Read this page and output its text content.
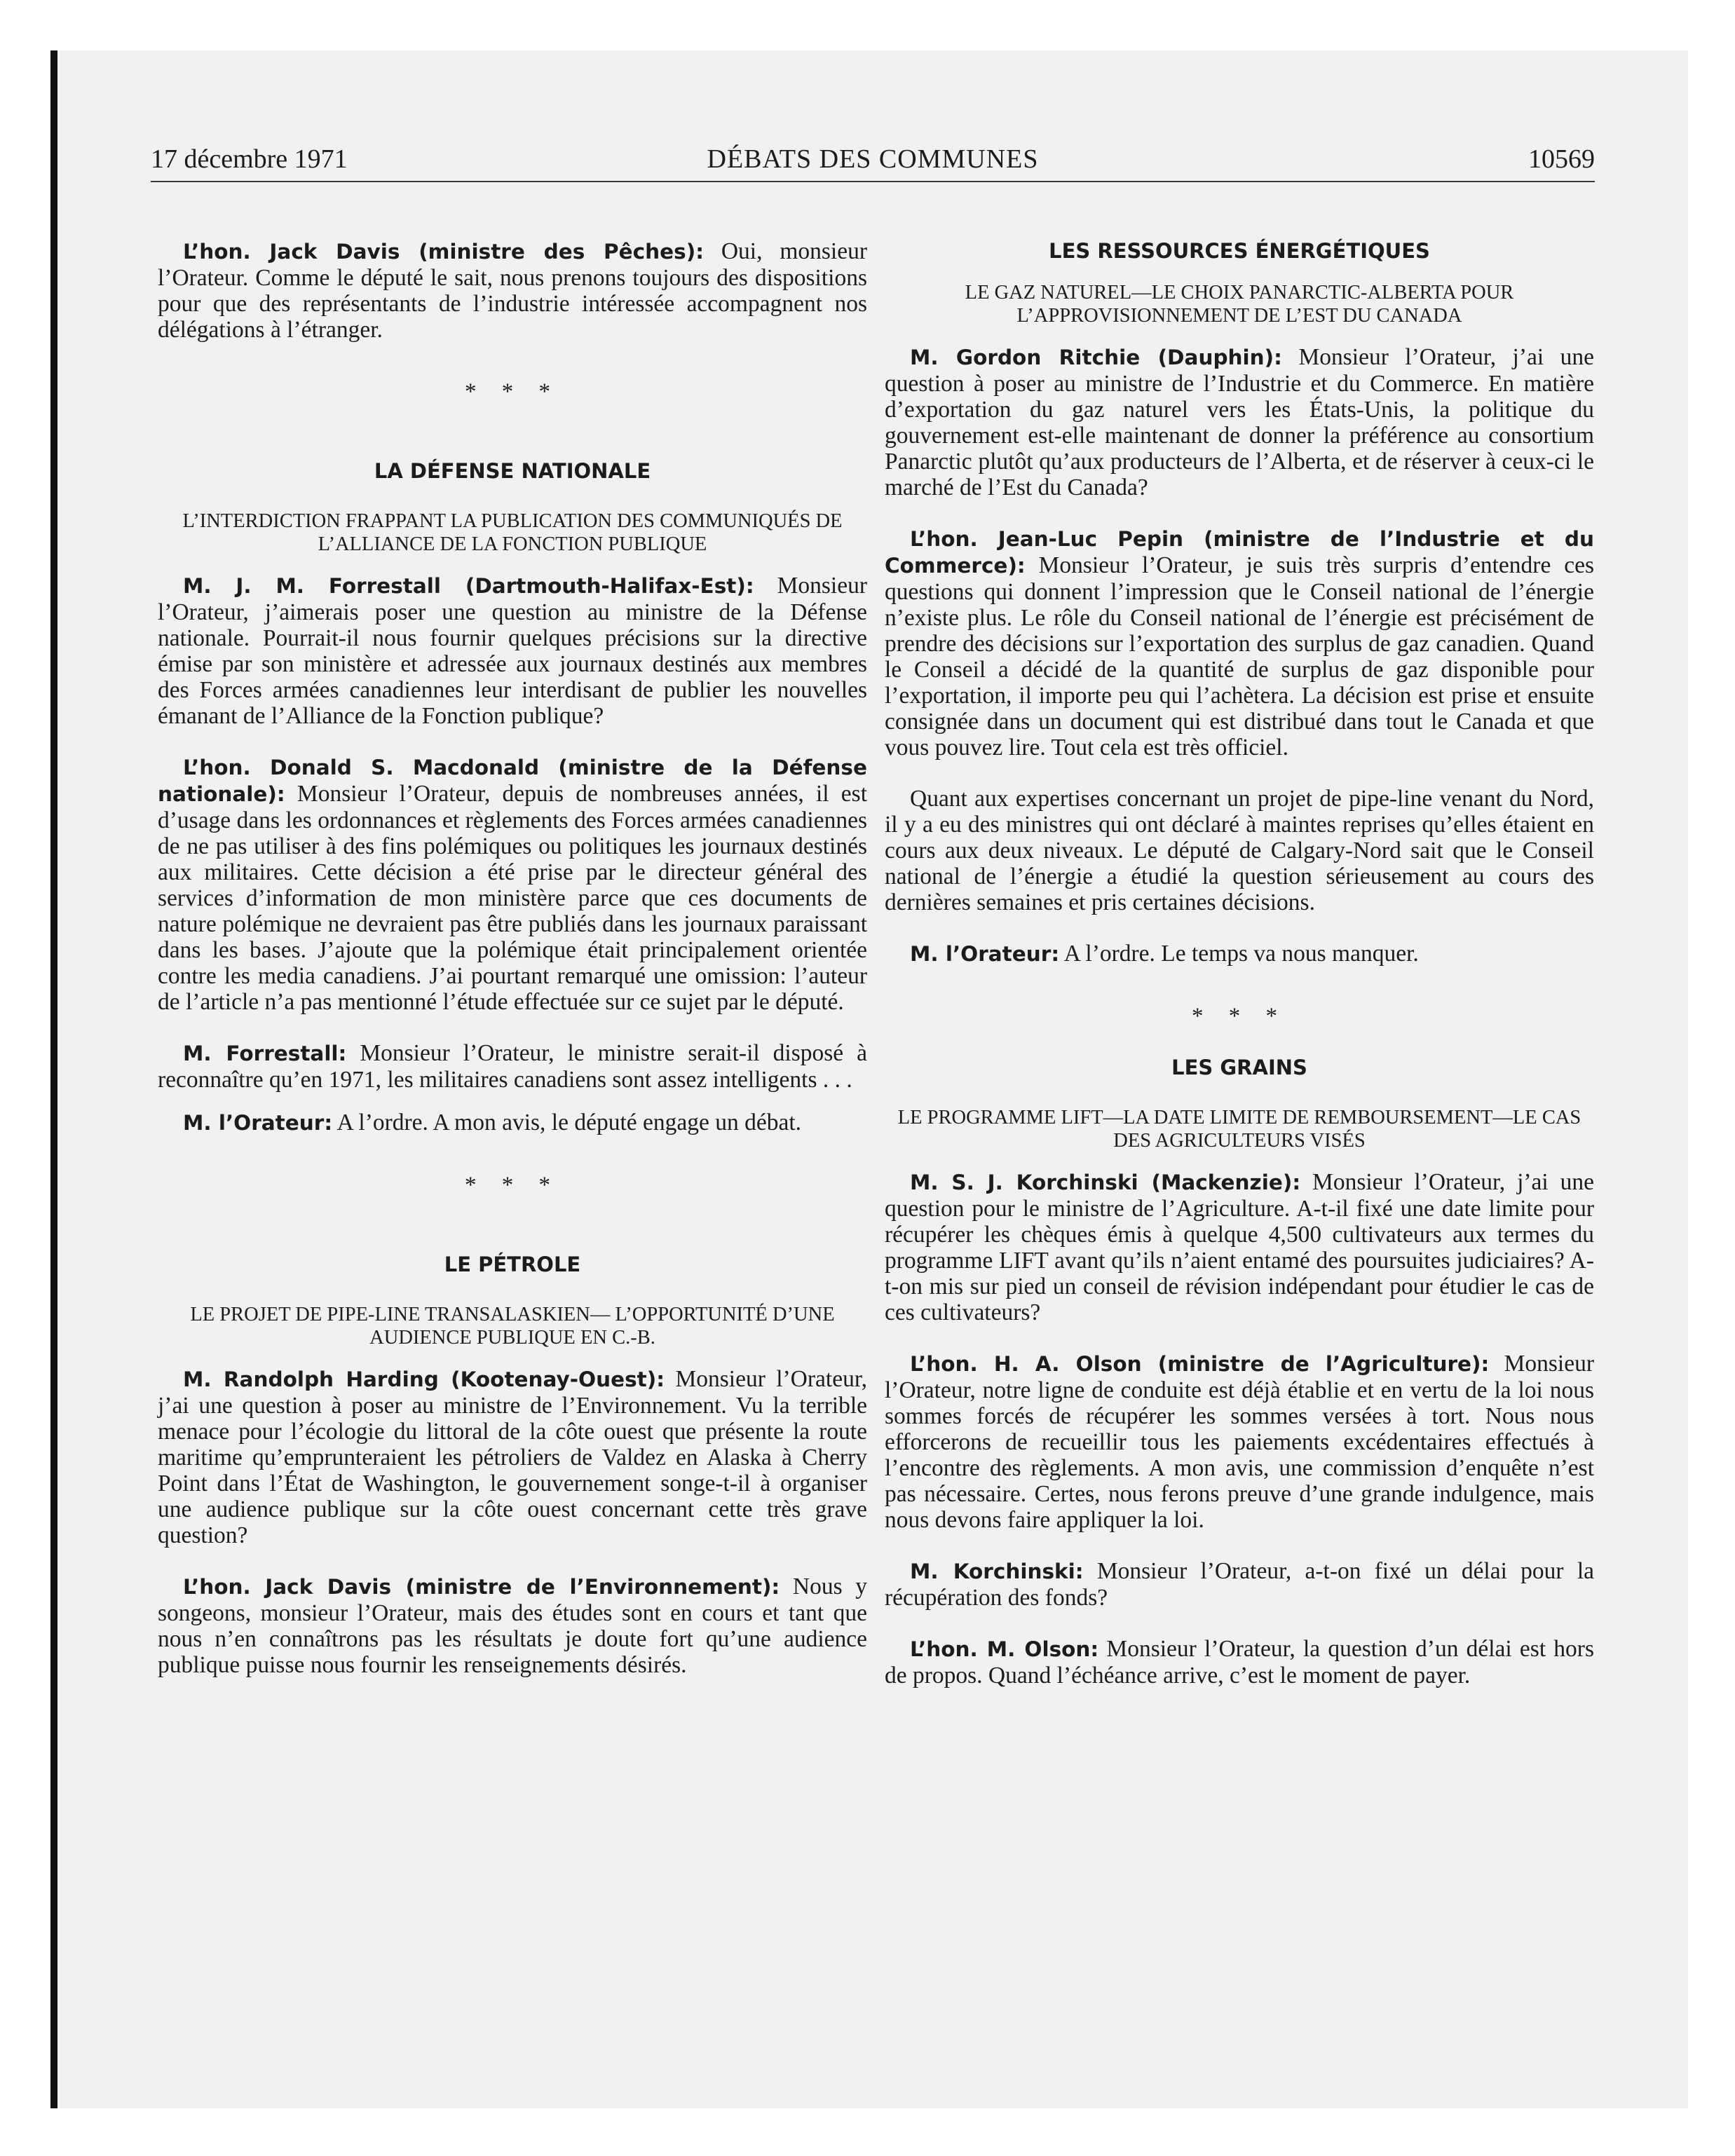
17 décembre 1971	DÉBATS DES COMMUNES	10569

L’hon. Jack Davis (ministre des Pêches): Oui, monsieur l’Orateur. Comme le député le sait, nous prenons toujours des dispositions pour que des représentants de l’industrie intéressée accompagnent nos délégations à l’étranger.

* * *

LA DÉFENSE NATIONALE

L’INTERDICTION FRAPPANT LA PUBLICATION DES COMMUNIQUÉS DE L’ALLIANCE DE LA FONCTION PUBLIQUE

M. J. M. Forrestall (Dartmouth-Halifax-Est): Monsieur l’Orateur, j’aimerais poser une question au ministre de la Défense nationale. Pourrait-il nous fournir quelques précisions sur la directive émise par son ministère et adressée aux journaux destinés aux membres des Forces armées canadiennes leur interdisant de publier les nouvelles émanant de l’Alliance de la Fonction publique?

L’hon. Donald S. Macdonald (ministre de la Défense nationale): Monsieur l’Orateur, depuis de nombreuses années, il est d’usage dans les ordonnances et règlements des Forces armées canadiennes de ne pas utiliser à des fins polémiques ou politiques les journaux destinés aux militaires. Cette décision a été prise par le directeur général des services d’information de mon ministère parce que ces documents de nature polémique ne devraient pas être publiés dans les journaux paraissant dans les bases. J’ajoute que la polémique était principalement orientée contre les media canadiens. J’ai pourtant remarqué une omission: l’auteur de l’article n’a pas mentionné l’étude effectuée sur ce sujet par le député.

M. Forrestall: Monsieur l’Orateur, le ministre serait-il disposé à reconnaître qu’en 1971, les militaires canadiens sont assez intelligents . . .

M. l’Orateur: A l’ordre. A mon avis, le député engage un débat.

* * *

LE PÉTROLE

LE PROJET DE PIPE-LINE TRANSALASKIEN— L’OPPORTUNITÉ D’UNE AUDIENCE PUBLIQUE EN C.-B.

M. Randolph Harding (Kootenay-Ouest): Monsieur l’Orateur, j’ai une question à poser au ministre de l’Environnement. Vu la terrible menace pour l’écologie du littoral de la côte ouest que présente la route maritime qu’emprunteraient les pétroliers de Valdez en Alaska à Cherry Point dans l’État de Washington, le gouvernement songe-t-il à organiser une audience publique sur la côte ouest concernant cette très grave question?

L’hon. Jack Davis (ministre de l’Environnement): Nous y songeons, monsieur l’Orateur, mais des études sont en cours et tant que nous n’en connaîtrons pas les résultats je doute fort qu’une audience publique puisse nous fournir les renseignements désirés.

LES RESSOURCES ÉNERGÉTIQUES

LE GAZ NATUREL—LE CHOIX PANARCTIC-ALBERTA POUR L’APPROVISIONNEMENT DE L’EST DU CANADA

M. Gordon Ritchie (Dauphin): Monsieur l’Orateur, j’ai une question à poser au ministre de l’Industrie et du Commerce. En matière d’exportation du gaz naturel vers les États-Unis, la politique du gouvernement est-elle maintenant de donner la préférence au consortium Panarctic plutôt qu’aux producteurs de l’Alberta, et de réserver à ceux-ci le marché de l’Est du Canada?

L’hon. Jean-Luc Pepin (ministre de l’Industrie et du Commerce): Monsieur l’Orateur, je suis très surpris d’entendre ces questions qui donnent l’impression que le Conseil national de l’énergie n’existe plus. Le rôle du Conseil national de l’énergie est précisément de prendre des décisions sur l’exportation des surplus de gaz canadien. Quand le Conseil a décidé de la quantité de surplus de gaz disponible pour l’exportation, il importe peu qui l’achètera. La décision est prise et ensuite consignée dans un document qui est distribué dans tout le Canada et que vous pouvez lire. Tout cela est très officiel.

Quant aux expertises concernant un projet de pipe-line venant du Nord, il y a eu des ministres qui ont déclaré à maintes reprises qu’elles étaient en cours aux deux niveaux. Le député de Calgary-Nord sait que le Conseil national de l’énergie a étudié la question sérieusement au cours des dernières semaines et pris certaines décisions.

M. l’Orateur: A l’ordre. Le temps va nous manquer.

* * *

LES GRAINS

LE PROGRAMME LIFT—LA DATE LIMITE DE REMBOURSEMENT—LE CAS DES AGRICULTEURS VISÉS

M. S. J. Korchinski (Mackenzie): Monsieur l’Orateur, j’ai une question pour le ministre de l’Agriculture. A-t-il fixé une date limite pour récupérer les chèques émis à quelque 4,500 cultivateurs aux termes du programme LIFT avant qu’ils n’aient entamé des poursuites judiciaires? A-t-on mis sur pied un conseil de révision indépendant pour étudier le cas de ces cultivateurs?

L’hon. H. A. Olson (ministre de l’Agriculture): Monsieur l’Orateur, notre ligne de conduite est déjà établie et en vertu de la loi nous sommes forcés de récupérer les sommes versées à tort. Nous nous efforcerons de recueillir tous les paiements excédentaires effectués à l’encontre des règlements. A mon avis, une commission d’enquête n’est pas nécessaire. Certes, nous ferons preuve d’une grande indulgence, mais nous devons faire appliquer la loi.

M. Korchinski: Monsieur l’Orateur, a-t-on fixé un délai pour la récupération des fonds?

L’hon. M. Olson: Monsieur l’Orateur, la question d’un délai est hors de propos. Quand l’échéance arrive, c’est le moment de payer.
